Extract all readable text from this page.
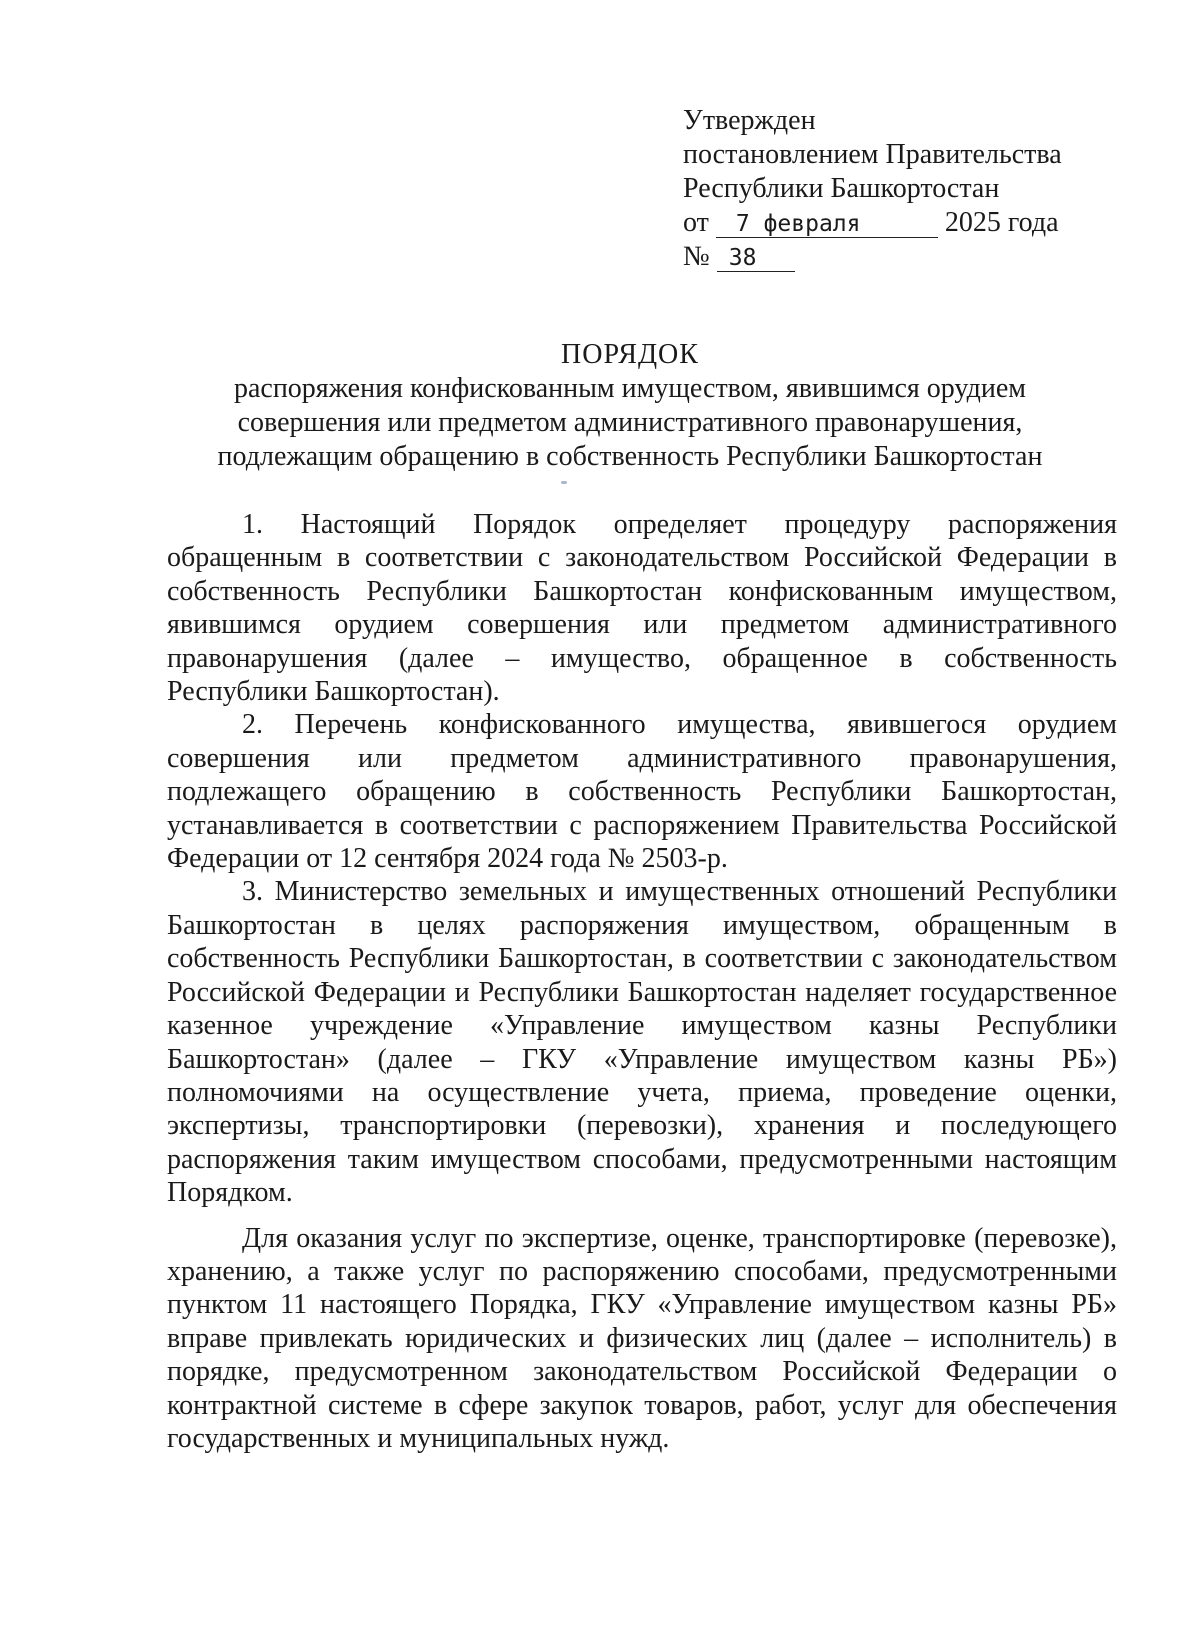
Утвержден
постановлением Правительства
Республики Башкортостан
от 7 февраля	2025 года
№ 38
ПОРЯДОК
распоряжения конфискованным имуществом, явившимся орудием совершения или предметом административного правонарушения, подлежащим обращению в собственность Республики Башкортостан

1. Настоящий Порядок определяет процедуру распоряжения обращенным в соответствии с законодательством Российской Федерации в собственность Республики Башкортостан конфискованным имуществом, явившимся орудием совершения или предметом административного правонарушения (далее – имущество, обращенное в собственность Республики Башкортостан).

2. Перечень конфискованного имущества, явившегося орудием совершения или предметом административного правонарушения, подлежащего обращению в собственность Республики Башкортостан, устанавливается в соответствии с распоряжением Правительства Российской Федерации от 12 сентября 2024 года № 2503-р.

3. Министерство земельных и имущественных отношений Республики Башкортостан в целях распоряжения имуществом, обращенным в собственность Республики Башкортостан, в соответствии с законодательством Российской Федерации и Республики Башкортостан наделяет государственное казенное учреждение «Управление имуществом казны Республики Башкортостан» (далее – ГКУ «Управление имуществом казны РБ») полномочиями на осуществление учета, приема, проведение оценки, экспертизы, транспортировки (перевозки), хранения и последующего распоряжения таким имуществом способами, предусмотренными настоящим Порядком.

Для оказания услуг по экспертизе, оценке, транспортировке (перевозке), хранению, а также услуг по распоряжению способами, предусмотренными пунктом 11 настоящего Порядка, ГКУ «Управление имуществом казны РБ» вправе привлекать юридических и физических лиц (далее – исполнитель) в порядке, предусмотренном законодательством Российской Федерации о контрактной системе в сфере закупок товаров, работ, услуг для обеспечения государственных и муниципальных нужд.
